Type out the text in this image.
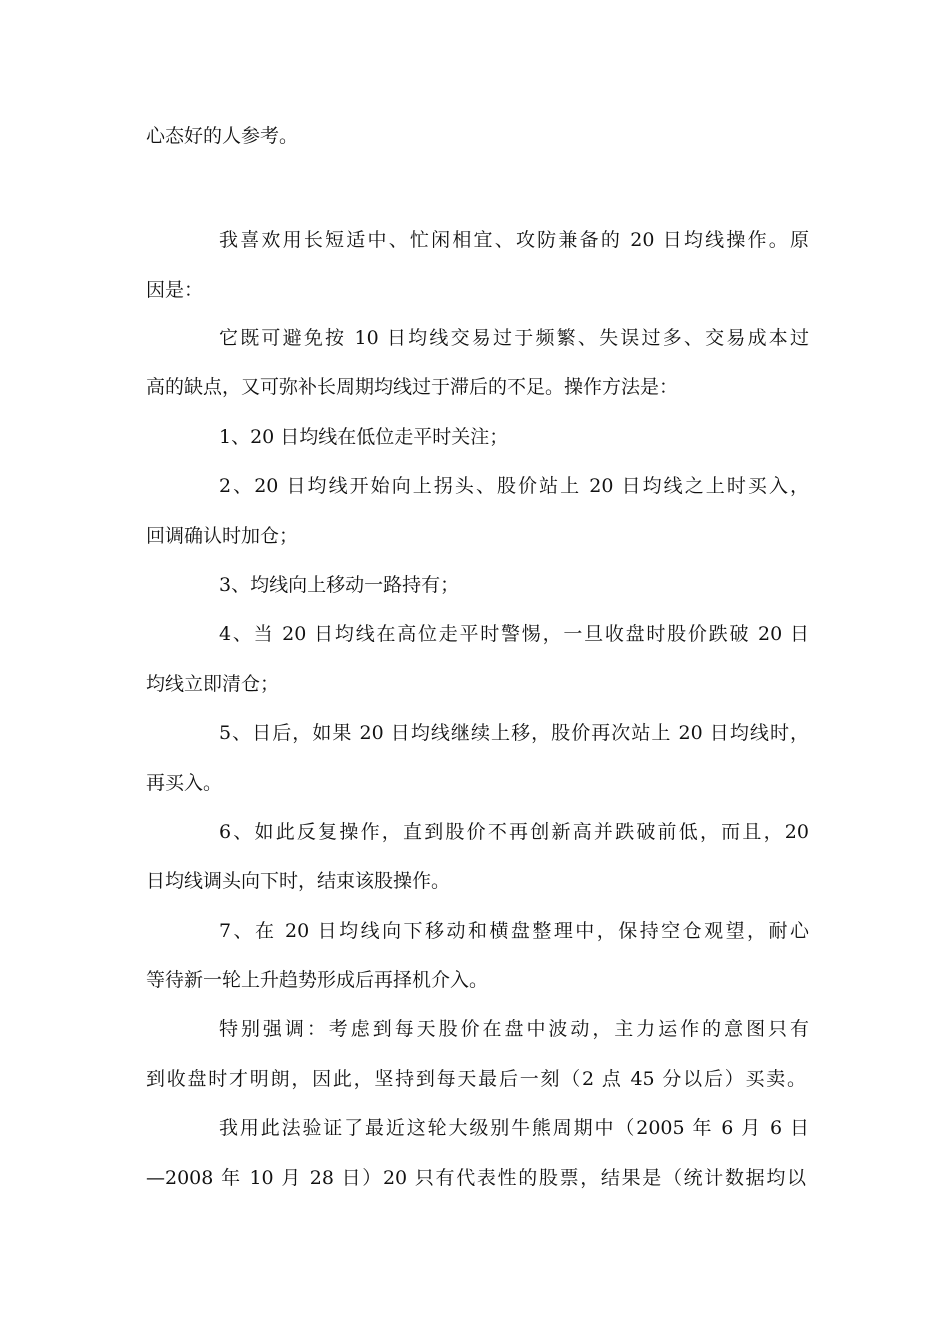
心态好的人参考。
我喜欢用长短适中、忙闲相宜、攻防兼备的 20 日均线操作。原
因是：
它既可避免按 10 日均线交易过于频繁、失误过多、交易成本过
高的缺点，又可弥补长周期均线过于滞后的不足。操作方法是：
1、20 日均线在低位走平时关注；
2、20 日均线开始向上拐头、股价站上 20 日均线之上时买入，
回调确认时加仓；
3、均线向上移动一路持有；
4、当 20 日均线在高位走平时警惕，一旦收盘时股价跌破 20 日
均线立即清仓；
5、日后，如果 20 日均线继续上移，股价再次站上 20 日均线时，
再买入。
6、如此反复操作，直到股价不再创新高并跌破前低，而且，20
日均线调头向下时，结束该股操作。
7、在 20 日均线向下移动和横盘整理中，保持空仓观望，耐心
等待新一轮上升趋势形成后再择机介入。
特别强调：考虑到每天股价在盘中波动，主力运作的意图只有
到收盘时才明朗，因此，坚持到每天最后一刻（2 点 45 分以后）买卖。
我用此法验证了最近这轮大级别牛熊周期中（2005 年 6 月 6 日
—2008 年 10 月 28 日）20 只有代表性的股票，结果是（统计数据均以
